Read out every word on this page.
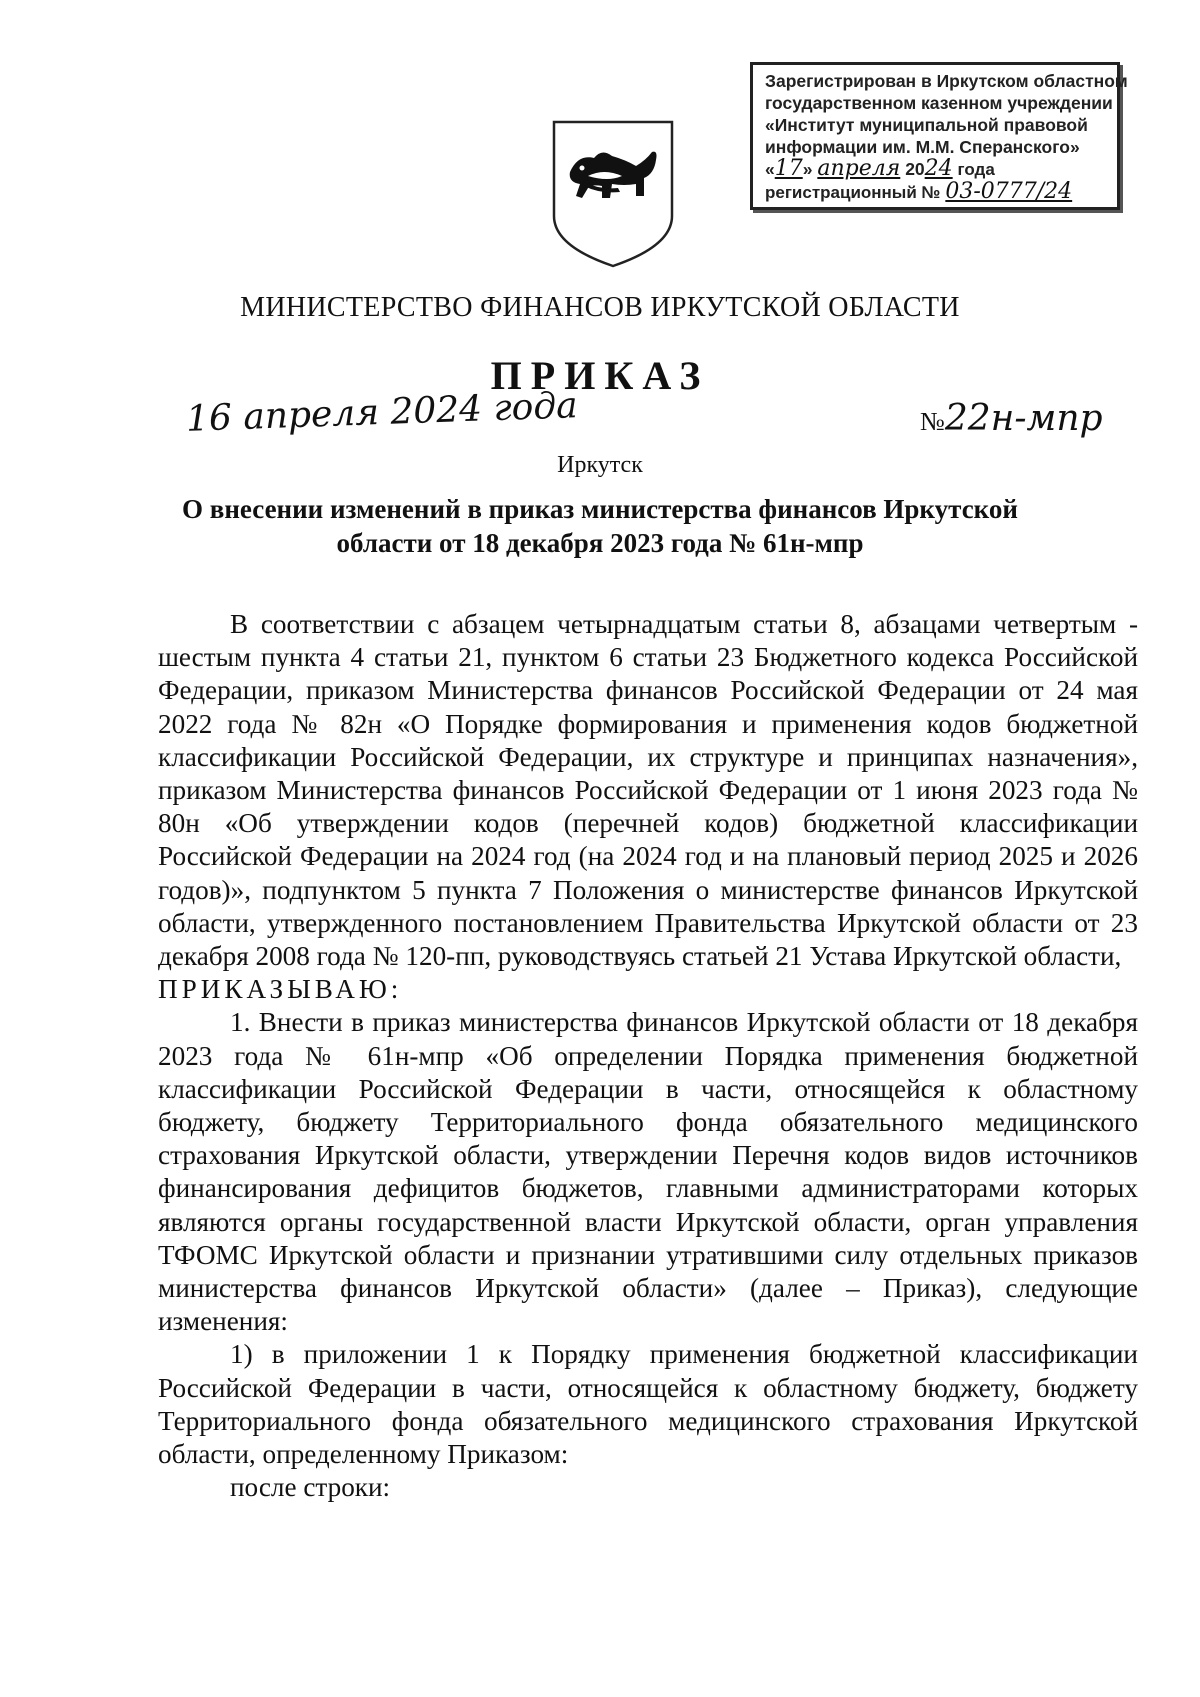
Зарегистрирован в Иркутском областном
государственном казенном учреждении
«Институт муниципальной правовой
информации им. М.М. Сперанского»
«17» апреля 2024 года
регистрационный № 03-0777/24
МИНИСТЕРСТВО ФИНАНСОВ ИРКУТСКОЙ ОБЛАСТИ
ПРИКАЗ
16 апреля 2024 года	№22н-мпр
Иркутск
О внесении изменений в приказ министерства финансов Иркутской
области от 18 декабря 2023 года № 61н-мпр

В соответствии с абзацем четырнадцатым статьи 8, абзацами четвертым - шестым пункта 4 статьи 21, пунктом 6 статьи 23 Бюджетного кодекса Российской Федерации, приказом Министерства финансов Российской Федерации от 24 мая 2022 года № 82н «О Порядке формирования и применения кодов бюджетной классификации Российской Федерации, их структуре и принципах назначения», приказом Министерства финансов Российской Федерации от 1 июня 2023 года № 80н «Об утверждении кодов (перечней кодов) бюджетной классификации Российской Федерации на 2024 год (на 2024 год и на плановый период 2025 и 2026 годов)», подпунктом 5 пункта 7 Положения о министерстве финансов Иркутской области, утвержденного постановлением Правительства Иркутской области от 23 декабря 2008 года № 120-пп, руководствуясь статьей 21 Устава Иркутской области,

ПРИКАЗЫВАЮ:

1. Внести в приказ министерства финансов Иркутской области от 18 декабря 2023 года № 61н-мпр «Об определении Порядка применения бюджетной классификации Российской Федерации в части, относящейся к областному бюджету, бюджету Территориального фонда обязательного медицинского страхования Иркутской области, утверждении Перечня кодов видов источников финансирования дефицитов бюджетов, главными администраторами которых являются органы государственной власти Иркутской области, орган управления ТФОМС Иркутской области и признании утратившими силу отдельных приказов министерства финансов Иркутской области» (далее – Приказ), следующие изменения:

1) в приложении 1 к Порядку применения бюджетной классификации Российской Федерации в части, относящейся к областному бюджету, бюджету Территориального фонда обязательного медицинского страхования Иркутской области, определенному Приказом:

после строки:
